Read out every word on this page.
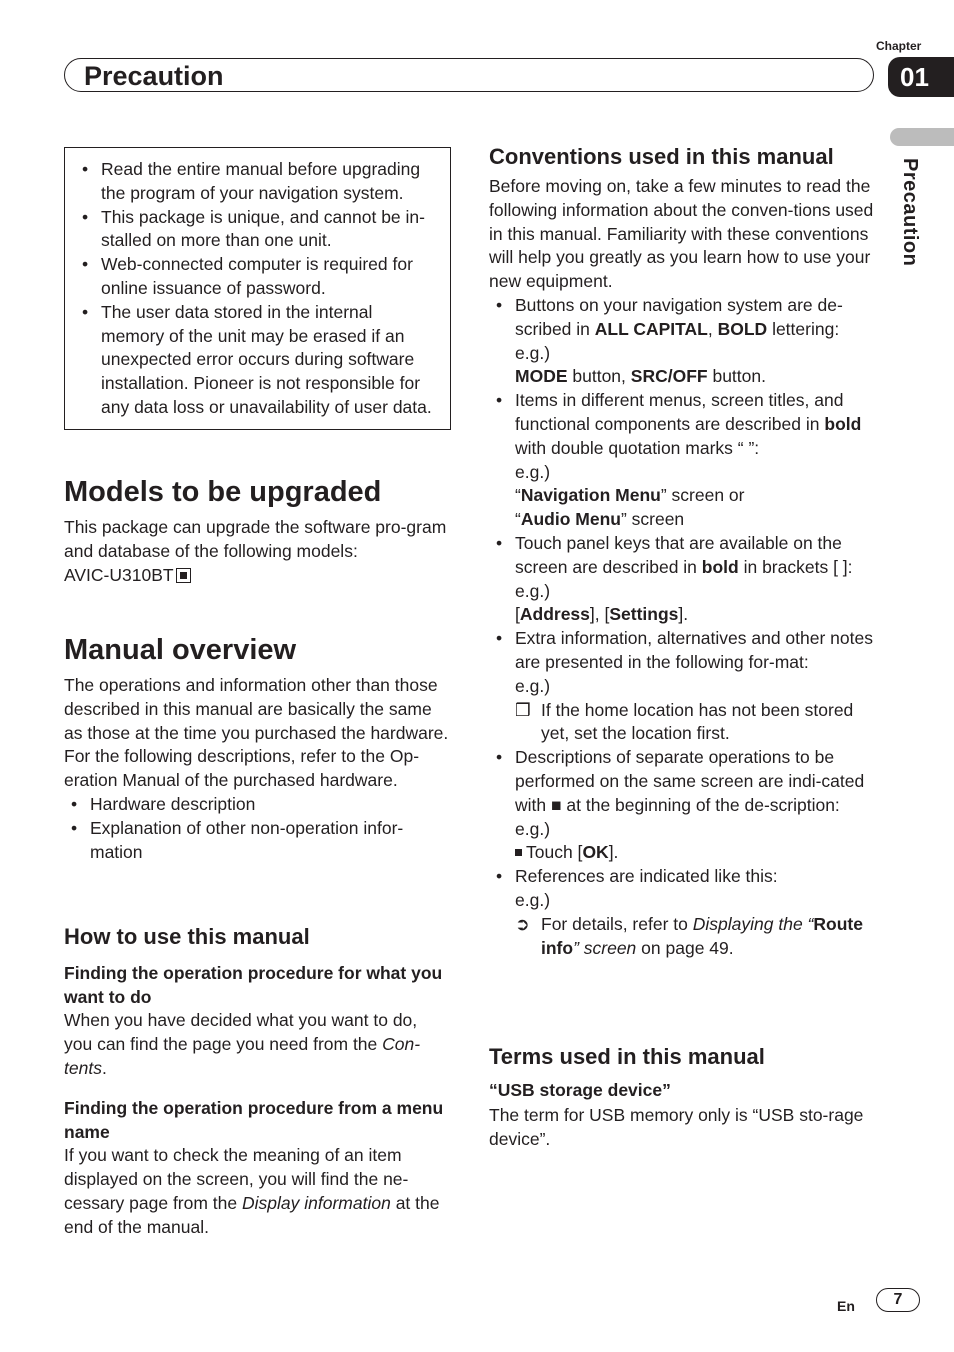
Chapter
01
Precaution
Precaution
• Read the entire manual before upgrading the program of your navigation system.
• This package is unique, and cannot be in-stalled on more than one unit.
• Web-connected computer is required for online issuance of password.
• The user data stored in the internal memory of the unit may be erased if an unexpected error occurs during software installation. Pioneer is not responsible for any data loss or unavailability of user data.
Models to be upgraded

This package can upgrade the software pro-gram and database of the following models:

AVIC-U310BT

Manual overview

The operations and information other than those described in this manual are basically the same as those at the time you purchased the hardware.

For the following descriptions, refer to the Op-eration Manual of the purchased hardware.

• Hardware description
• Explanation of other non-operation infor-mation
How to use this manual
Finding the operation procedure for what you want to do

When you have decided what you want to do, you can find the page you need from the Con-tents.

Finding the operation procedure from a menu name

If you want to check the meaning of an item displayed on the screen, you will find the ne-cessary page from the Display information at the end of the manual.

Conventions used in this manual

Before moving on, take a few minutes to read the following information about the conven-tions used in this manual. Familiarity with these conventions will help you greatly as you learn how to use your new equipment.

• Buttons on your navigation system are de-scribed in ALL CAPITAL, BOLD lettering:
e.g.)
MODE button, SRC/OFF button.
• Items in different menus, screen titles, and functional components are described in bold with double quotation marks “ ”:
e.g.)
“Navigation Menu” screen or
“Audio Menu” screen
• Touch panel keys that are available on the screen are described in bold in brackets [ ]:
e.g.)
[Address], [Settings].
• Extra information, alternatives and other notes are presented in the following for-mat:
e.g.)
❒ If the home location has not been stored yet, set the location first.
• Descriptions of separate operations to be performed on the same screen are indi-cated with ■ at the beginning of the de-scription:
e.g.)
Touch [OK].
• References are indicated like this:
e.g.)
➲ For details, refer to Displaying the “Route info” screen on page 49.
Terms used in this manual
“USB storage device”

The term for USB memory only is “USB sto-rage device”.

En	7
